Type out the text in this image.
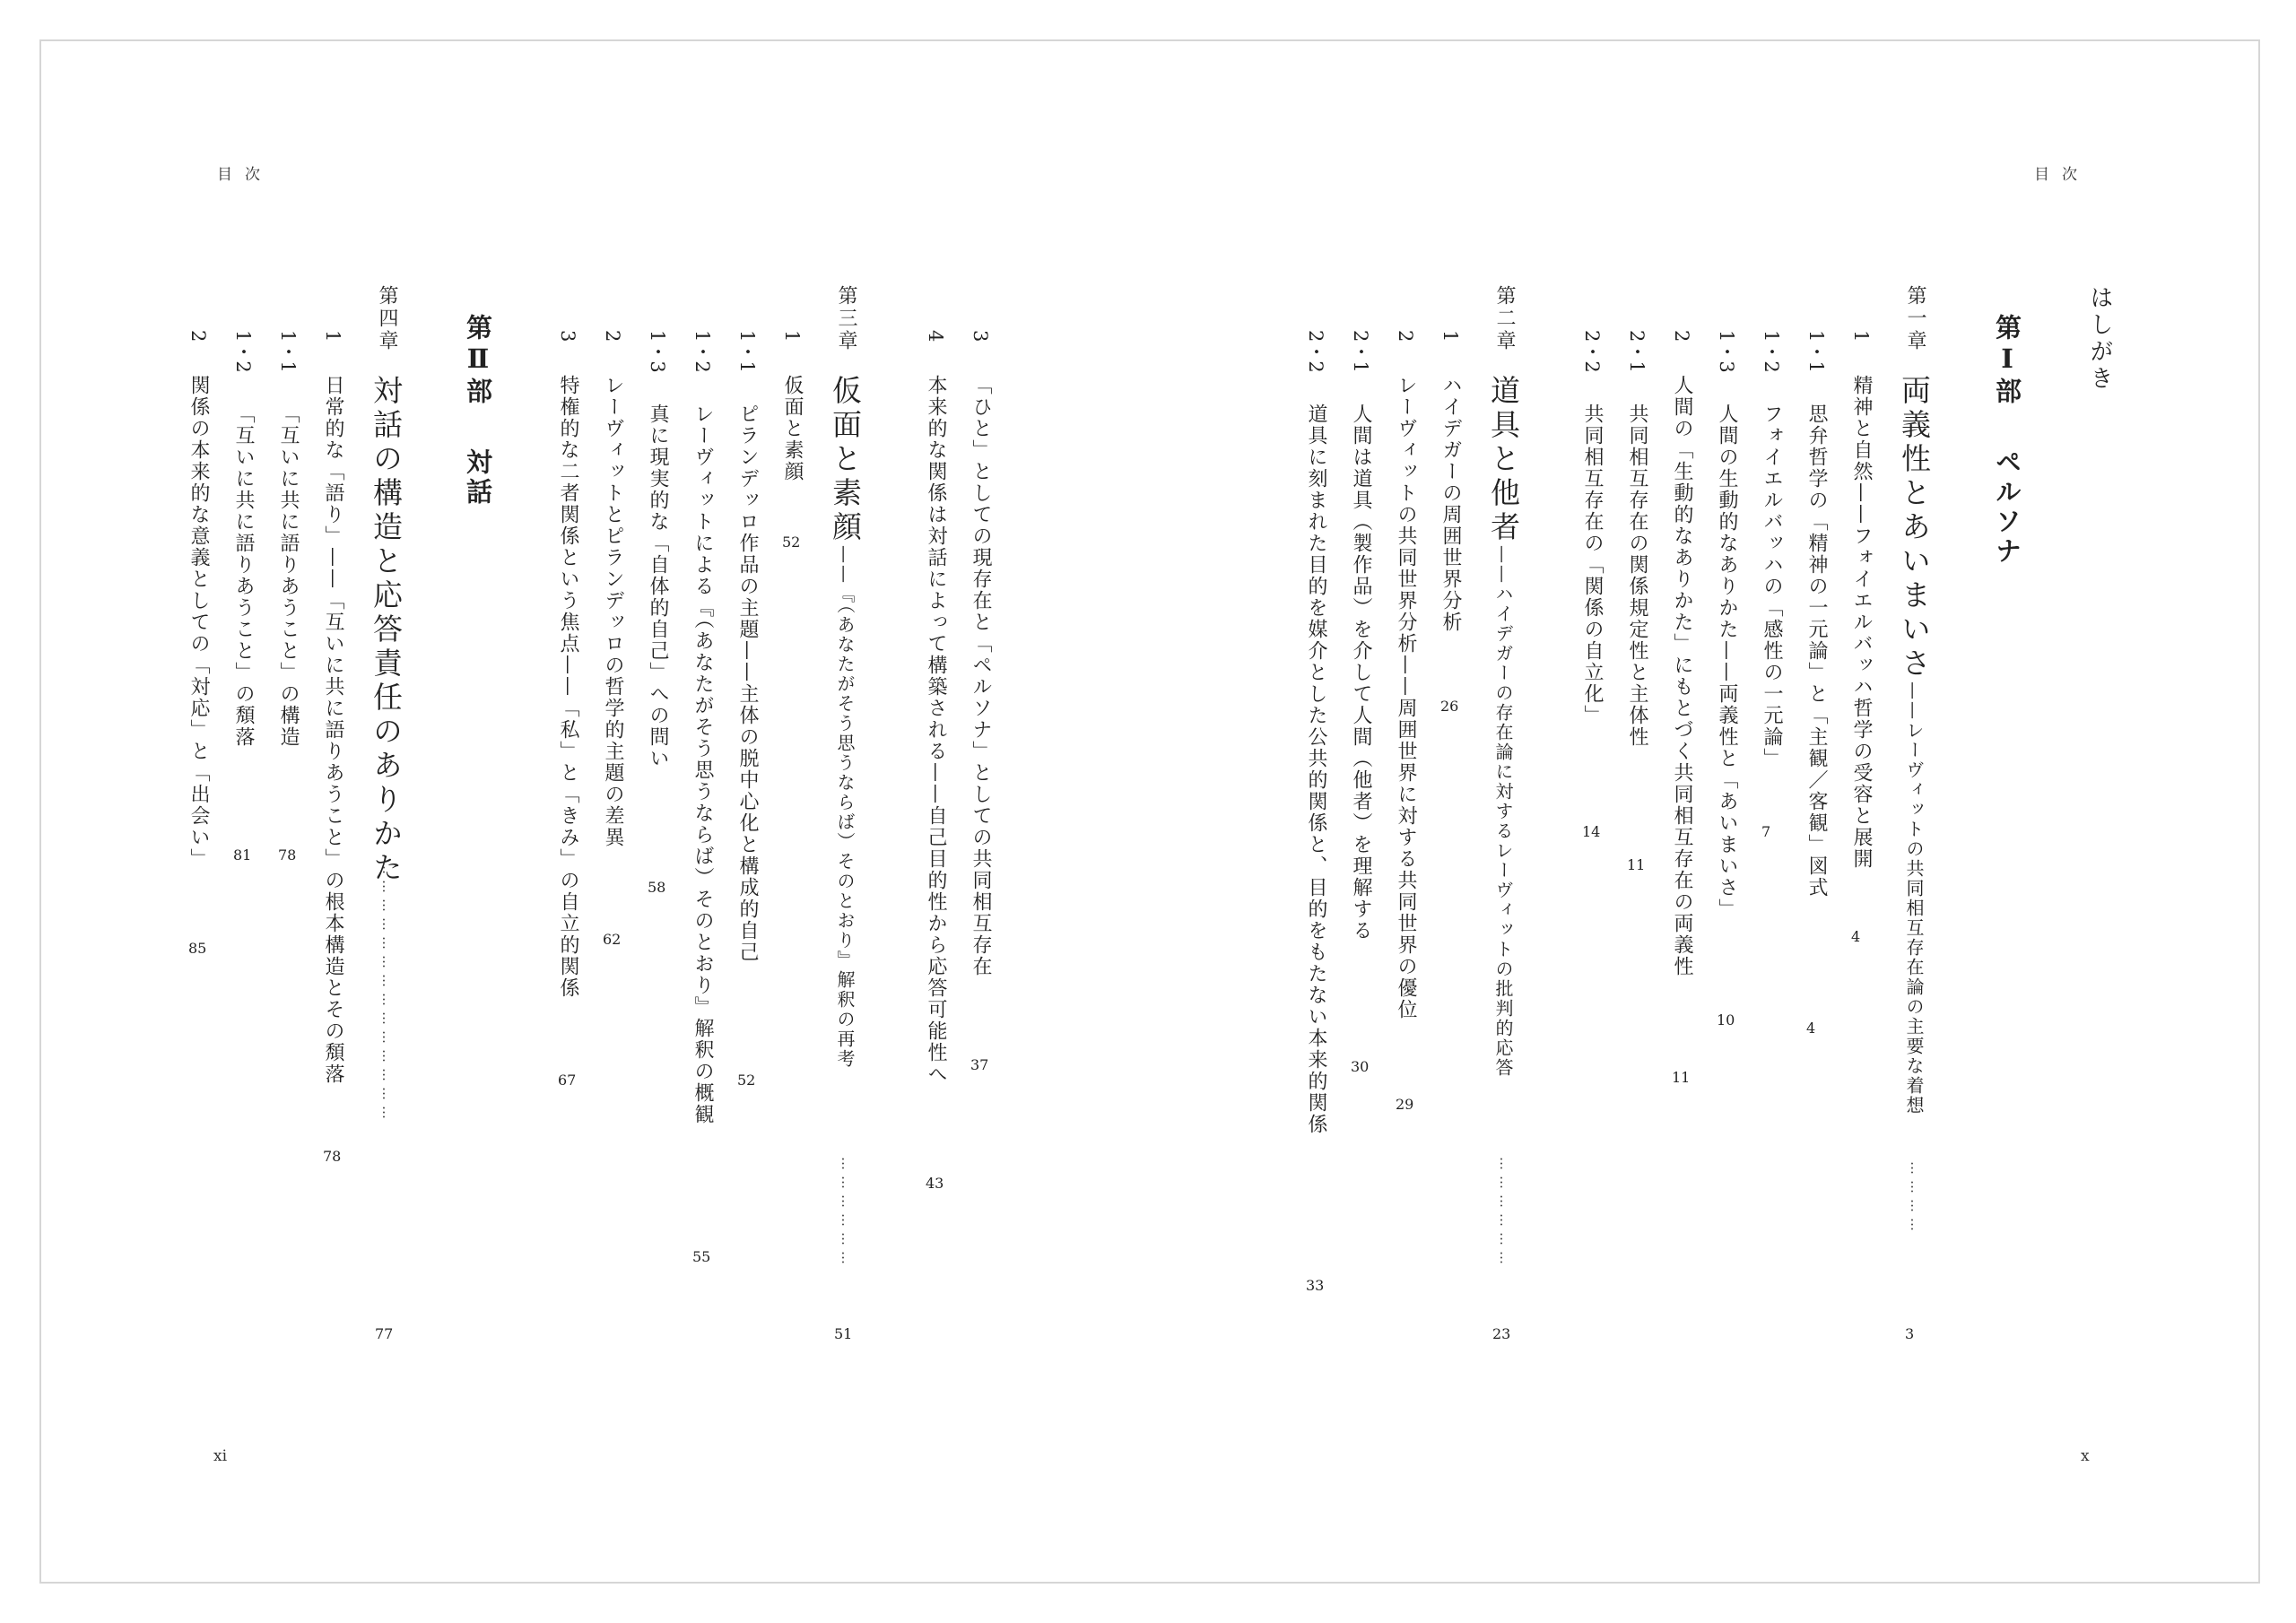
目次
x
はしがき
第Ⅰ部
ペルソナ
第一章
両義性とあいまいさ——レーヴィットの共同相互存在論の主要な着想
…………
3
1
精神と自然——フォイエルバッハ哲学の受容と展開
4
1・1
思弁哲学の「精神の一元論」と「主観／客観」図式
4
1・2
フォイエルバッハの「感性の一元論」
7
1・3
人間の生動的なありかた——両義性と「あいまいさ」
10
2
人間の「生動的なありかた」にもとづく共同相互存在の両義性
11
2・1
共同相互存在の関係規定性と主体性
11
2・2
共同相互存在の「関係の自立化」
14
第二章
道具と他者——ハイデガーの存在論に対するレーヴィットの批判的応答
………………
23
1
ハイデガーの周囲世界分析
26
2
レーヴィットの共同世界分析——周囲世界に対する共同世界の優位
29
2・1
人間は道具（製作品）を介して人間（他者）を理解する
30
2・2
道具に刻まれた目的を媒介とした公共的関係と、目的をもたない本来的関係
33
目次
xi
3
「ひと」としての現存在と「ペルソナ」としての共同相互存在
37
4
本来的な関係は対話によって構築される——自己目的性から応答可能性へ
43
第三章
仮面と素顔——『（あなたがそう思うならば）そのとおり』解釈の再考
………………
51
1
仮面と素顔
52
1・1
ピランデッロ作品の主題——主体の脱中心化と構成的自己
52
1・2
レーヴィットによる『（あなたがそう思うならば）そのとおり』解釈の概観
55
1・3
真に現実的な「自体的自己」への問い
58
2
レーヴィットとピランデッロの哲学的主題の差異
62
3
特権的な二者関係という焦点——「私」と「きみ」の自立的関係
67
第Ⅱ部
対話
第四章
対話の構造と応答責任のありかた
……………………………………
77
1
日常的な「語り」——「互いに共に語りあうこと」の根本構造とその頽落
78
1・1
「互いに共に語りあうこと」の構造
78
1・2
「互いに共に語りあうこと」の頽落
81
2
関係の本来的な意義としての「対応」と「出会い」
85
